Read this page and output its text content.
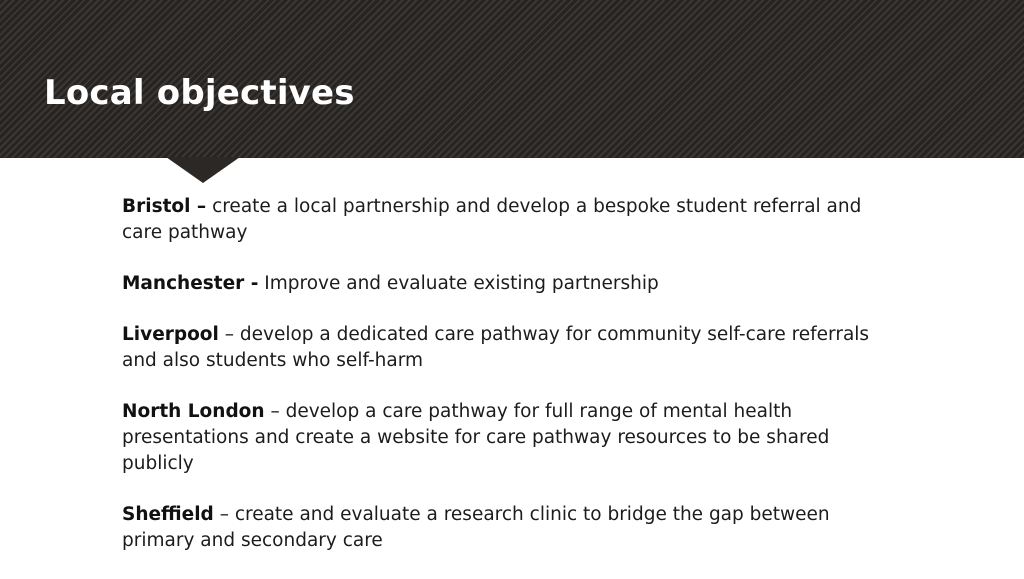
Local objectives

Bristol – create a local partnership and develop a bespoke student referral and care pathway

Manchester - Improve and evaluate existing partnership

Liverpool – develop a dedicated care pathway for community self-care referrals and also students who self-harm

North London – develop a care pathway for full range of mental health presentations and create a website for care pathway resources to be shared publicly

Sheffield – create and evaluate a research clinic to bridge the gap between primary and secondary care
